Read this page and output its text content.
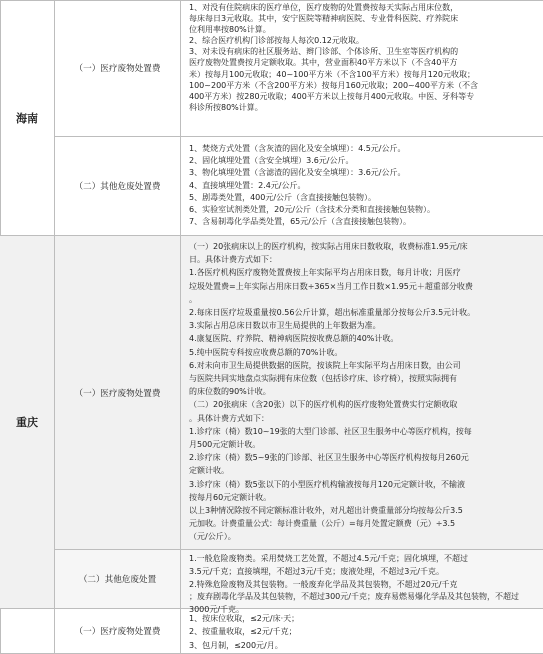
海南
（一）医疗废物处置费

1、对没有住院病床的医疗单位，医疗废物的处置费按每天实际占用床位数，

每床每日3元收取。其中，安宁医院等精神病医院、专业骨科医院、疗养院床

位利用率按80%计算。

2、综合医疗机构门诊部按每人每次0.12元收取。

3、对未设有病床的社区服务站、辫门诊部、个体诊所、卫生室等医疗机构的

医疗废物处置费按月定额收取。其中，营业面积40平方米以下（不含40平方

米）按每月100元收取；40~100平方米（不含100平方米）按每月120元收取；

100~200平方米（不含200平方米）按每月160元收取；200~400平方米（不含

400平方米）按280元收取；400平方米以上按每月400元收取。中医、牙科等专

科诊所按80%计算。

（二）其他危废处置费

1、焚烧方式处置（含灰渣的固化及安全填埋）：4.5元/公斤。

2、固化填埋处置（含安全填埋）3.6元/公斤。

3、物化填埋处置（含滤渣的固化及安全填埋）：3.6元/公斤。

4、直接填埋处置：2.4元/公斤。

5、剧毒类处置，400元/公斤（含直接接触包装物）。

6、实验室试剂类处置，20元/公斤（含技术分类和直接接触包装物）。

7、含易制毒化学品类处置，65元/公斤（含直接接触包装物）。

重庆
（一）医疗废物处置费

（一）20张病床以上的医疗机构，按实际占用床日数收取，收费标准1.95元/床

日。具体计费方式如下：

1.各医疗机构医疗废物处置费按上年实际平均占用床日数，每月计收；月医疗

垃圾处置费=上年实际占用床日数÷365×当月工作日数×1.95元＋超重部分收费

。

2.每床日医疗垃圾重量按0.56公斤计算，超出标准重量部分按每公斤3.5元计收。

3.实际占用总床日数以市卫生局提供的上年数据为准。

4.康复医院、疗养院、精神病医院按收费总额的40%计收。

5.纯中医院专科按应收费总额的70%计收。

6.对未向市卫生局提供数据的医院，按该院上年实际平均占用床日数，由公司

与医院共同实地盘点实际拥有床位数（包括诊疗床、诊疗椅），按照实际拥有

的床位数的90%计收。

（二）20张病床（含20张）以下的医疗机构的医疗废物处置费实行定额收取

。具体计费方式如下：

1.诊疗床（椅）数10~19张的大型门诊部、社区卫生服务中心等医疗机构，按每

月500元定额计收。

2.诊疗床（椅）数5~9张的门诊部、社区卫生服务中心等医疗机构按每月260元

定额计收。

3.诊疗床（椅）数5张以下的小型医疗机构输液按每月120元定额计收，不输液

按每月60元定额计收。

以上3种情况除按不同定额标准计收外，对凡超出计费重量部分均按每公斤3.5

元加收。计费重量公式：每计费重量（公斤）=每月处置定额费（元）÷3.5

（元/公斤）。

（二）其他危废处置

1.一般危险废物类。采用焚烧工艺处置，不超过4.5元/千克；固化填埋，不超过

3.5元/千克；直接填埋，不超过3元/千克；废液处理，不超过3元/千克。

2.特殊危险废物及其包装物。一般废弃化学品及其包装物，不超过20元/千克

；废弃剧毒化学品及其包装物，不超过300元/千克；废弃易燃易爆化学品及其包装物，不超过3000元/千克。

（一）医疗废物处置费

1、按床位收取，≤2元/床·天；

2、按重量收取，≤2元/千克；

3、包月制，≤200元/月。
